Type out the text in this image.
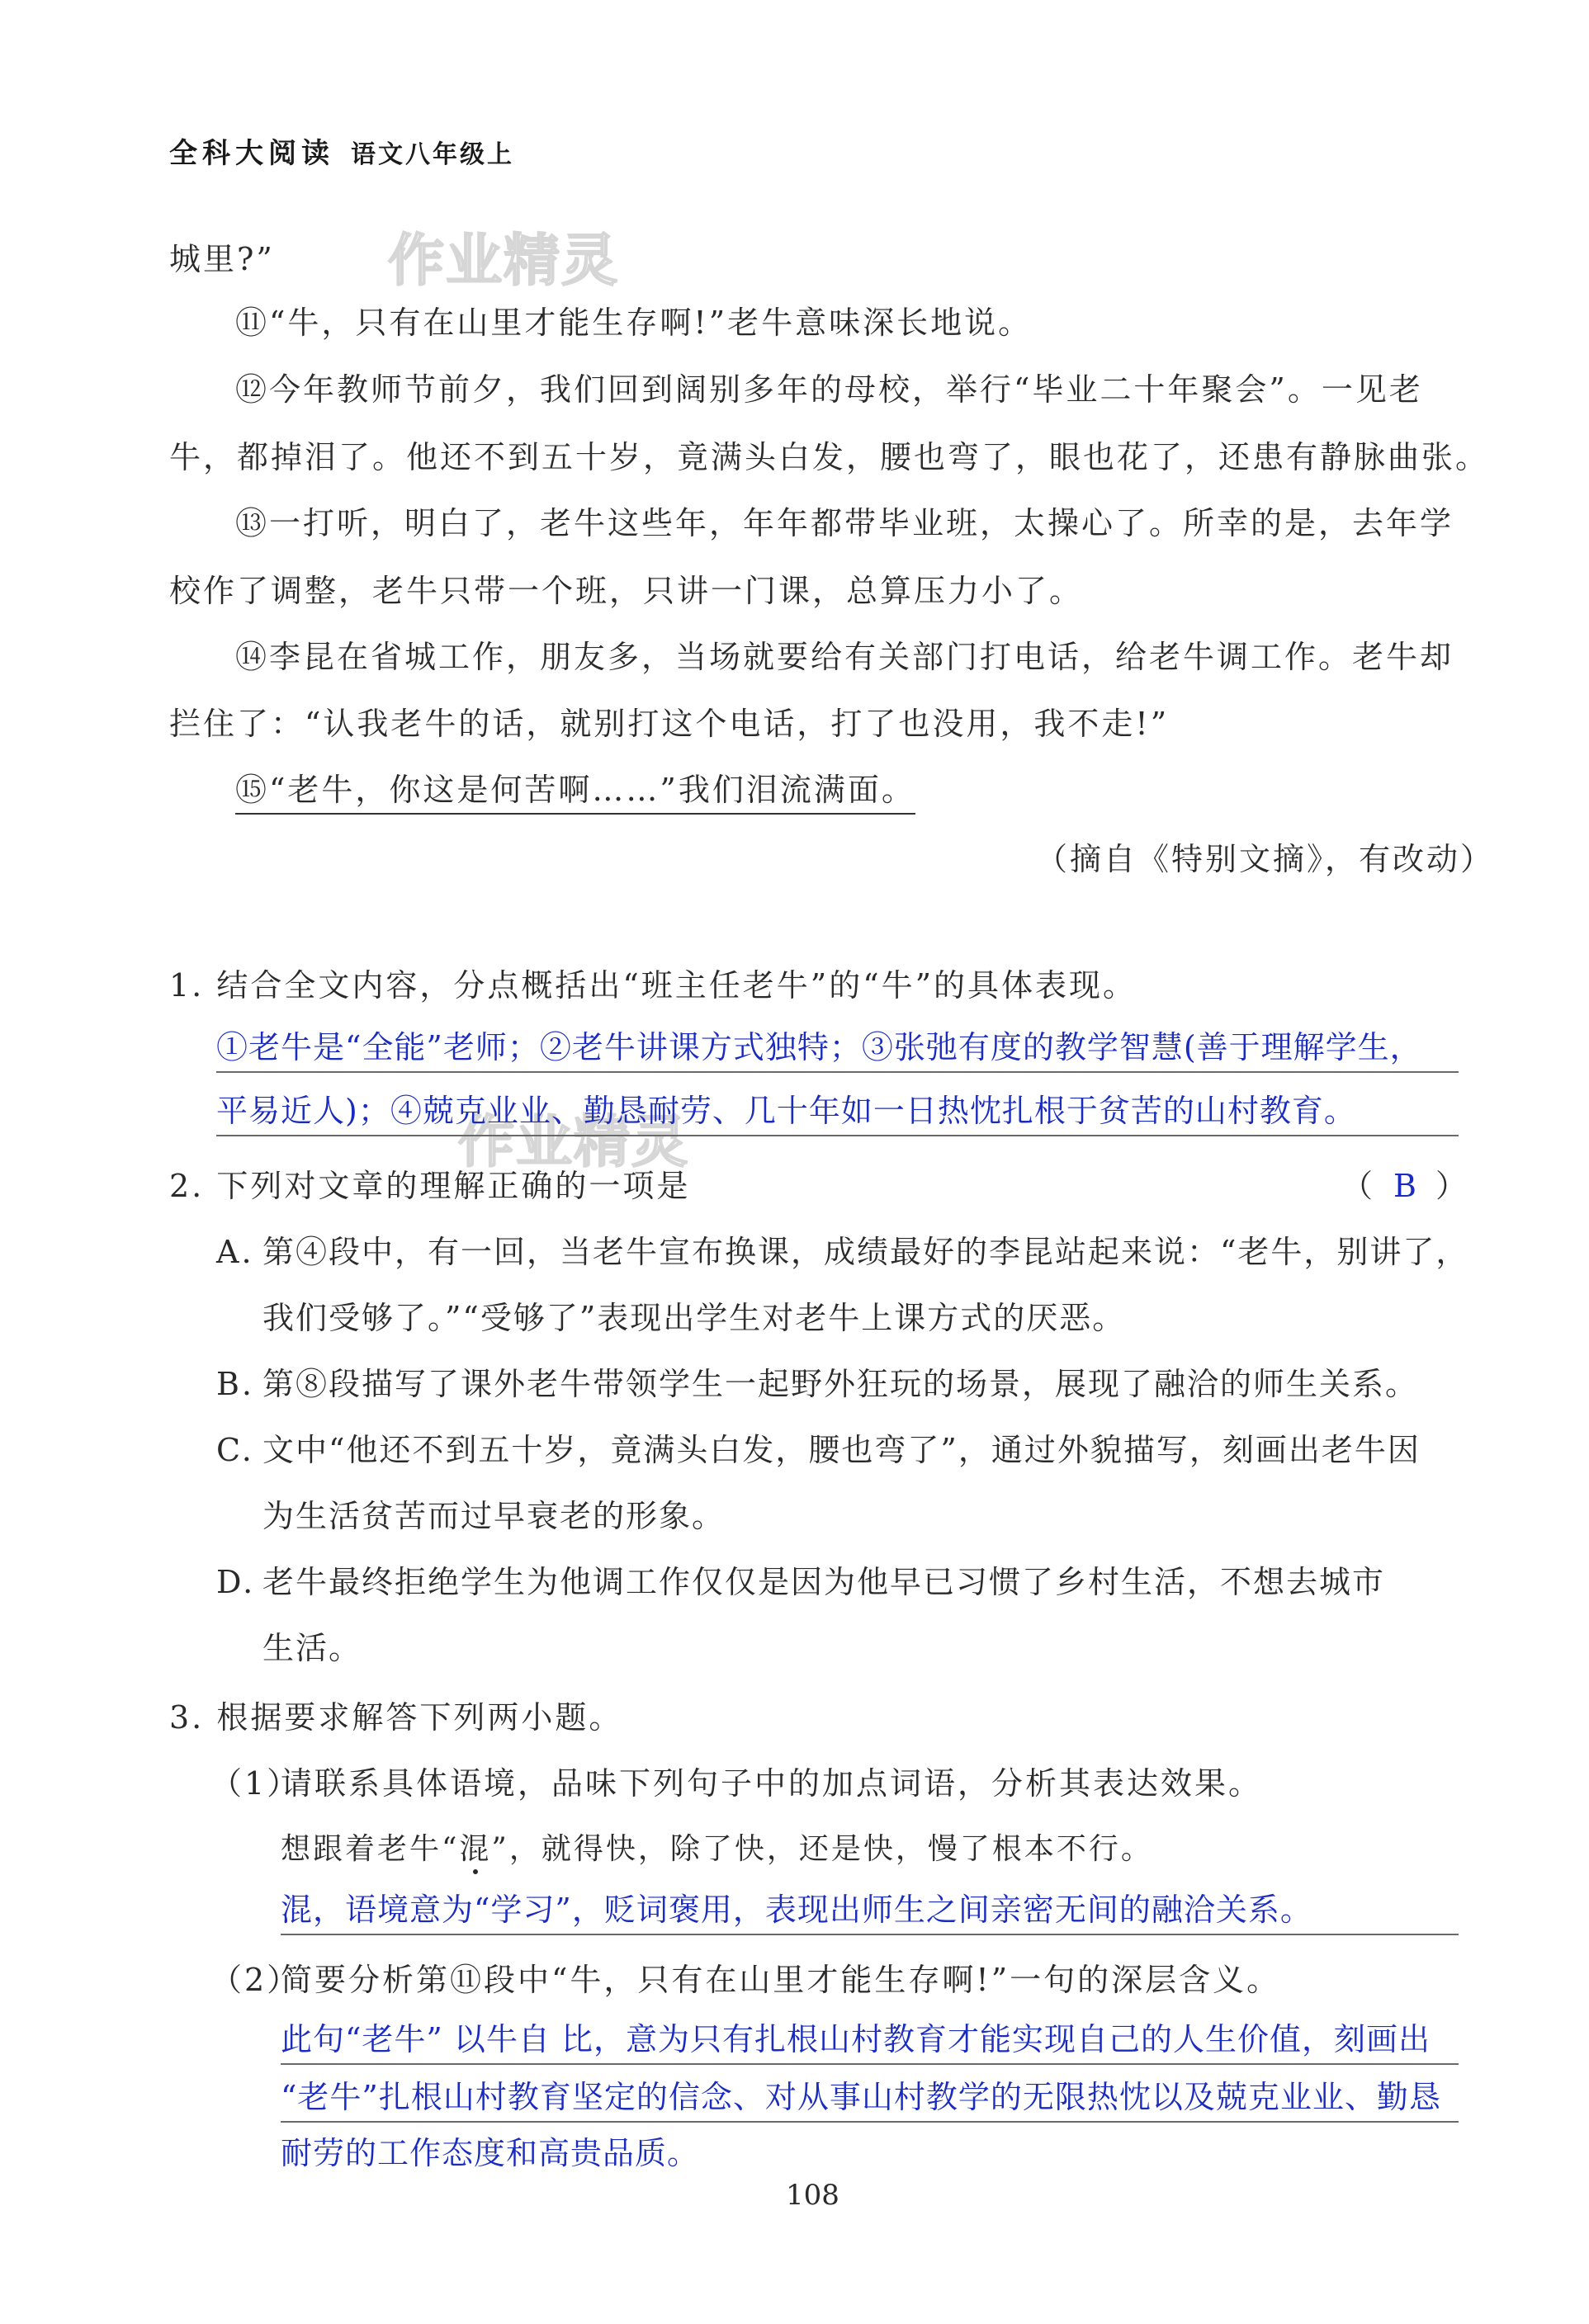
全科大阅读 语文八年级上
作业精灵
作业精灵
城里?”
⑪“牛，只有在山里才能生存啊!”老牛意味深长地说。
⑫今年教师节前夕，我们回到阔别多年的母校，举行“毕业二十年聚会”。一见老
牛，都掉泪了。他还不到五十岁，竟满头白发，腰也弯了，眼也花了，还患有静脉曲张。
⑬一打听，明白了，老牛这些年，年年都带毕业班，太操心了。所幸的是，去年学
校作了调整，老牛只带一个班，只讲一门课，总算压力小了。
⑭李昆在省城工作，朋友多，当场就要给有关部门打电话，给老牛调工作。老牛却
拦住了：“认我老牛的话，就别打这个电话，打了也没用，我不走!”
⑮“老牛，你这是何苦啊……”我们泪流满面。
（摘自《特别文摘》，有改动）
1. 结合全文内容，分点概括出“班主任老牛”的“牛”的具体表现。
①老牛是“全能”老师；②老牛讲课方式独特；③张弛有度的教学智慧(善于理解学生，
平易近人)；④兢克业业、勤恳耐劳、几十年如一日热忱扎根于贫苦的山村教育。
2. 下列对文章的理解正确的一项是	（ B ）
A. 第④段中，有一回，当老牛宣布换课，成绩最好的李昆站起来说：“老牛，别讲了，
我们受够了。”“受够了”表现出学生对老牛上课方式的厌恶。
B. 第⑧段描写了课外老牛带领学生一起野外狂玩的场景，展现了融洽的师生关系。
C. 文中“他还不到五十岁，竟满头白发，腰也弯了”，通过外貌描写，刻画出老牛因
为生活贫苦而过早衰老的形象。
D. 老牛最终拒绝学生为他调工作仅仅是因为他早已习惯了乡村生活，不想去城市
生活。
3. 根据要求解答下列两小题。
（1）
请联系具体语境，品味下列句子中的加点词语，分析其表达效果。
想跟着老牛“混”，就得快，除了快，还是快，慢了根本不行。
混，语境意为“学习”，贬词褒用，表现出师生之间亲密无间的融洽关系。
（2）
简要分析第⑪段中“牛，只有在山里才能生存啊!”一句的深层含义。
此句“老牛” 以牛自 比，意为只有扎根山村教育才能实现自己的人生价值，刻画出
“老牛”扎根山村教育坚定的信念、对从事山村教学的无限热忱以及兢克业业、勤恳
耐劳的工作态度和高贵品质。
108
